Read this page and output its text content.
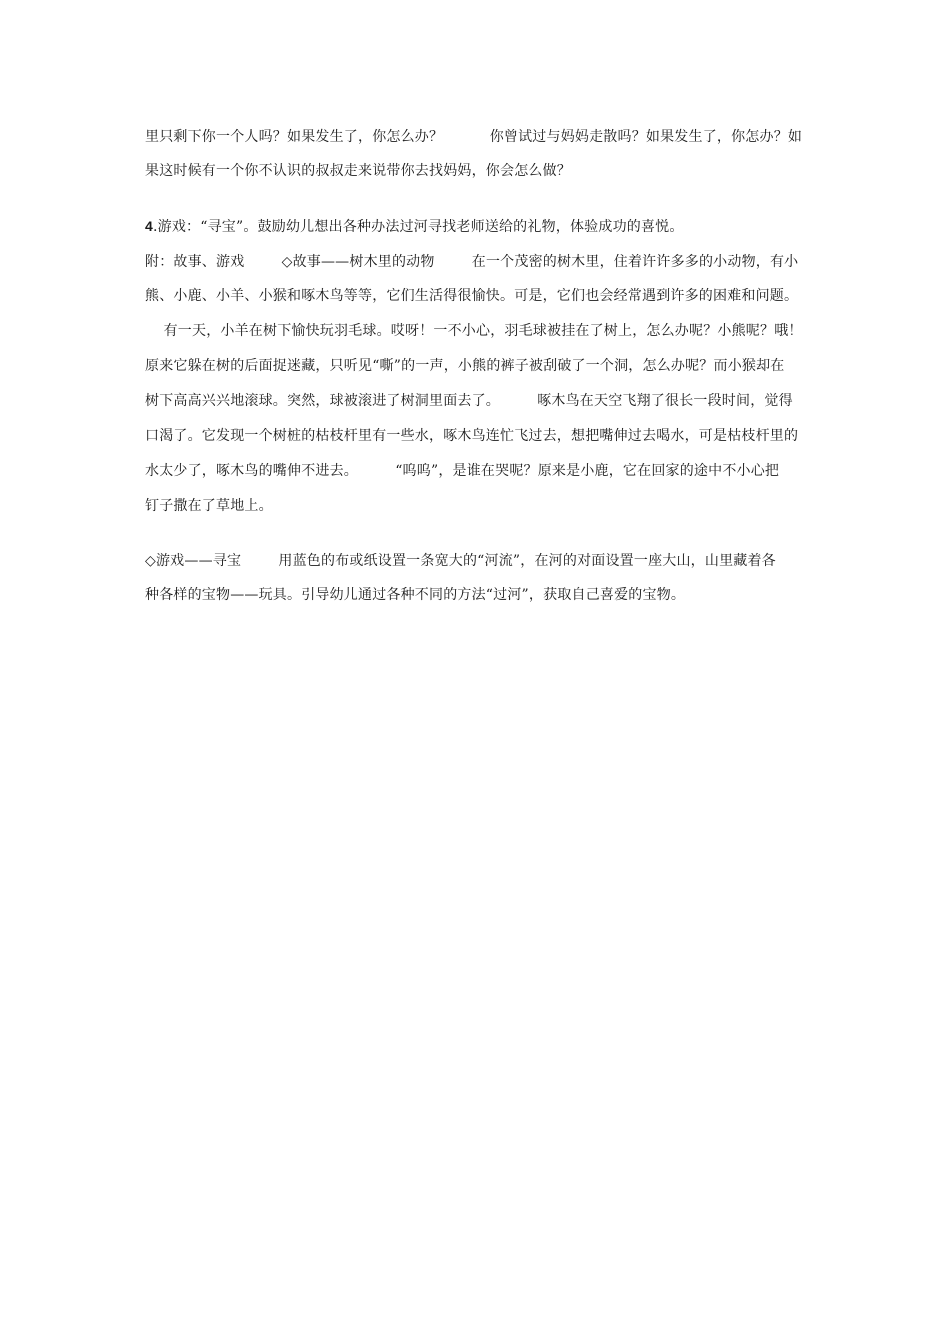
里只剩下你一个人吗？如果发生了，你怎么办？          你曾试过与妈妈走散吗？如果发生了，你怎办？如
果这时候有一个你不认识的叔叔走来说带你去找妈妈，你会怎么做？
4.游戏：“寻宝”。鼓励幼儿想出各种办法过河寻找老师送给的礼物，体验成功的喜悦。
附：故事、游戏        ◇故事——树木里的动物        在一个茂密的树木里，住着许许多多的小动物，有小
熊、小鹿、小羊、小猴和啄木鸟等等，它们生活得很愉快。可是，它们也会经常遇到许多的困难和问题。
有一天，小羊在树下愉快玩羽毛球。哎呀！一不小心，羽毛球被挂在了树上，怎么办呢？小熊呢？哦！
原来它躲在树的后面捉迷藏，只听见“嘶”的一声，小熊的裤子被刮破了一个洞，怎么办呢？而小猴却在
树下高高兴兴地滚球。突然，球被滚进了树洞里面去了。        啄木鸟在天空飞翔了很长一段时间，觉得
口渴了。它发现一个树桩的枯枝杆里有一些水，啄木鸟连忙飞过去，想把嘴伸过去喝水，可是枯枝杆里的
水太少了，啄木鸟的嘴伸不进去。        “呜呜”，是谁在哭呢？原来是小鹿，它在回家的途中不小心把
钉子撒在了草地上。
◇游戏——寻宝        用蓝色的布或纸设置一条宽大的“河流”，在河的对面设置一座大山，山里藏着各
种各样的宝物——玩具。引导幼儿通过各种不同的方法“过河”，获取自己喜爱的宝物。
